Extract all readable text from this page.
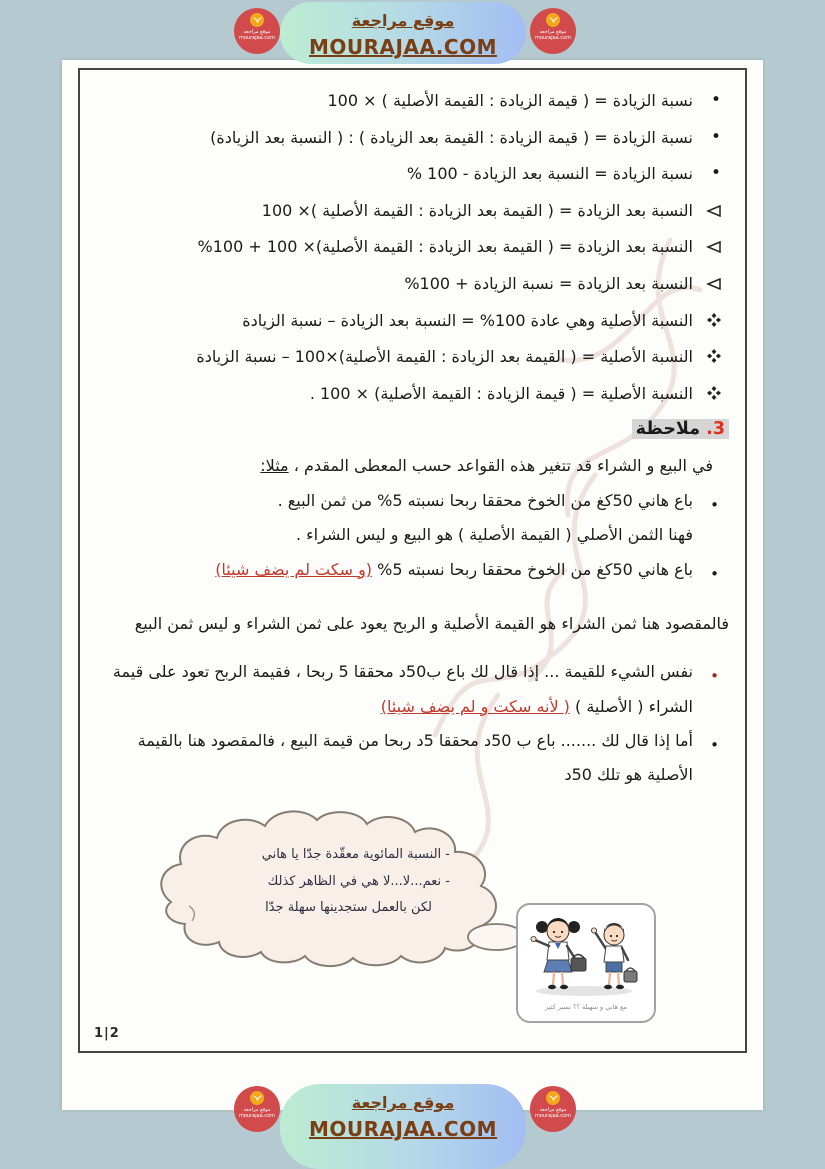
موقع مراجعة
mourajaa.com
موقع مراجعة
MOURAJAA.COM
موقع مراجعة
mourajaa.com
•
نسبة الزيادة = ( قيمة الزيادة : القيمة الأصلية ) × 100
•
نسبة الزيادة = ( قيمة الزيادة : القيمة بعد الزيادة ) : ( النسبة بعد الزيادة)
•
نسبة الزيادة = النسبة بعد الزيادة - 100 %
النسبة بعد الزيادة = ( القيمة بعد الزيادة : القيمة الأصلية )× 100
النسبة بعد الزيادة = ( القيمة بعد الزيادة : القيمة الأصلية)× 100 + 100%
النسبة بعد الزيادة = نسبة الزيادة + 100%
النسبة الأصلية وهي عادة 100% = النسبة بعد الزيادة – نسبة الزيادة
النسبة الأصلية = ( القيمة بعد الزيادة : القيمة الأصلية)×100 – نسبة الزيادة
النسبة الأصلية = ( قيمة الزيادة : القيمة الأصلية) × 100 .
3. ملاحظة
في البيع و الشراء قد تتغير هذه القواعد حسب المعطى المقدم ، مثلا:
•
باع هاني 50كغ من الخوخ محققا ربحا نسبته 5% من ثمن البيع .
فهنا الثمن الأصلي ( القيمة الأصلية ) هو البيع و ليس الشراء .
•
باع هاني 50كغ من الخوخ محققا ربحا نسبته 5% (و سكت لم يضف شيئا)
فالمقصود هنا ثمن الشراء هو القيمة الأصلية و الربح يعود على ثمن الشراء و ليس ثمن البيع
•
نفس الشيء للقيمة ... إذا قال لك باع ب50د محققا 5 ربحا ، فقيمة الربح تعود على قيمة الشراء ( الأصلية ) ( لأنه سكت و لم يضف شيئا)
•
أما إذا قال لك ....... باع ب 50د محققا 5د ربحا من قيمة البيع ، فالمقصود هنا بالقيمة الأصلية هو تلك 50د
- النسبة المائوية معقّدة جدّا يا هاني
- نعم...لا...لا هي في الظاهر كذلك
لكن بالعمل ستجدينها سهلة جدّا
مع هاني و سهيلة ؟؟ نسير كثير
1|2
موقع مراجعة
mourajaa.com
موقع مراجعة
MOURAJAA.COM
موقع مراجعة
mourajaa.com
